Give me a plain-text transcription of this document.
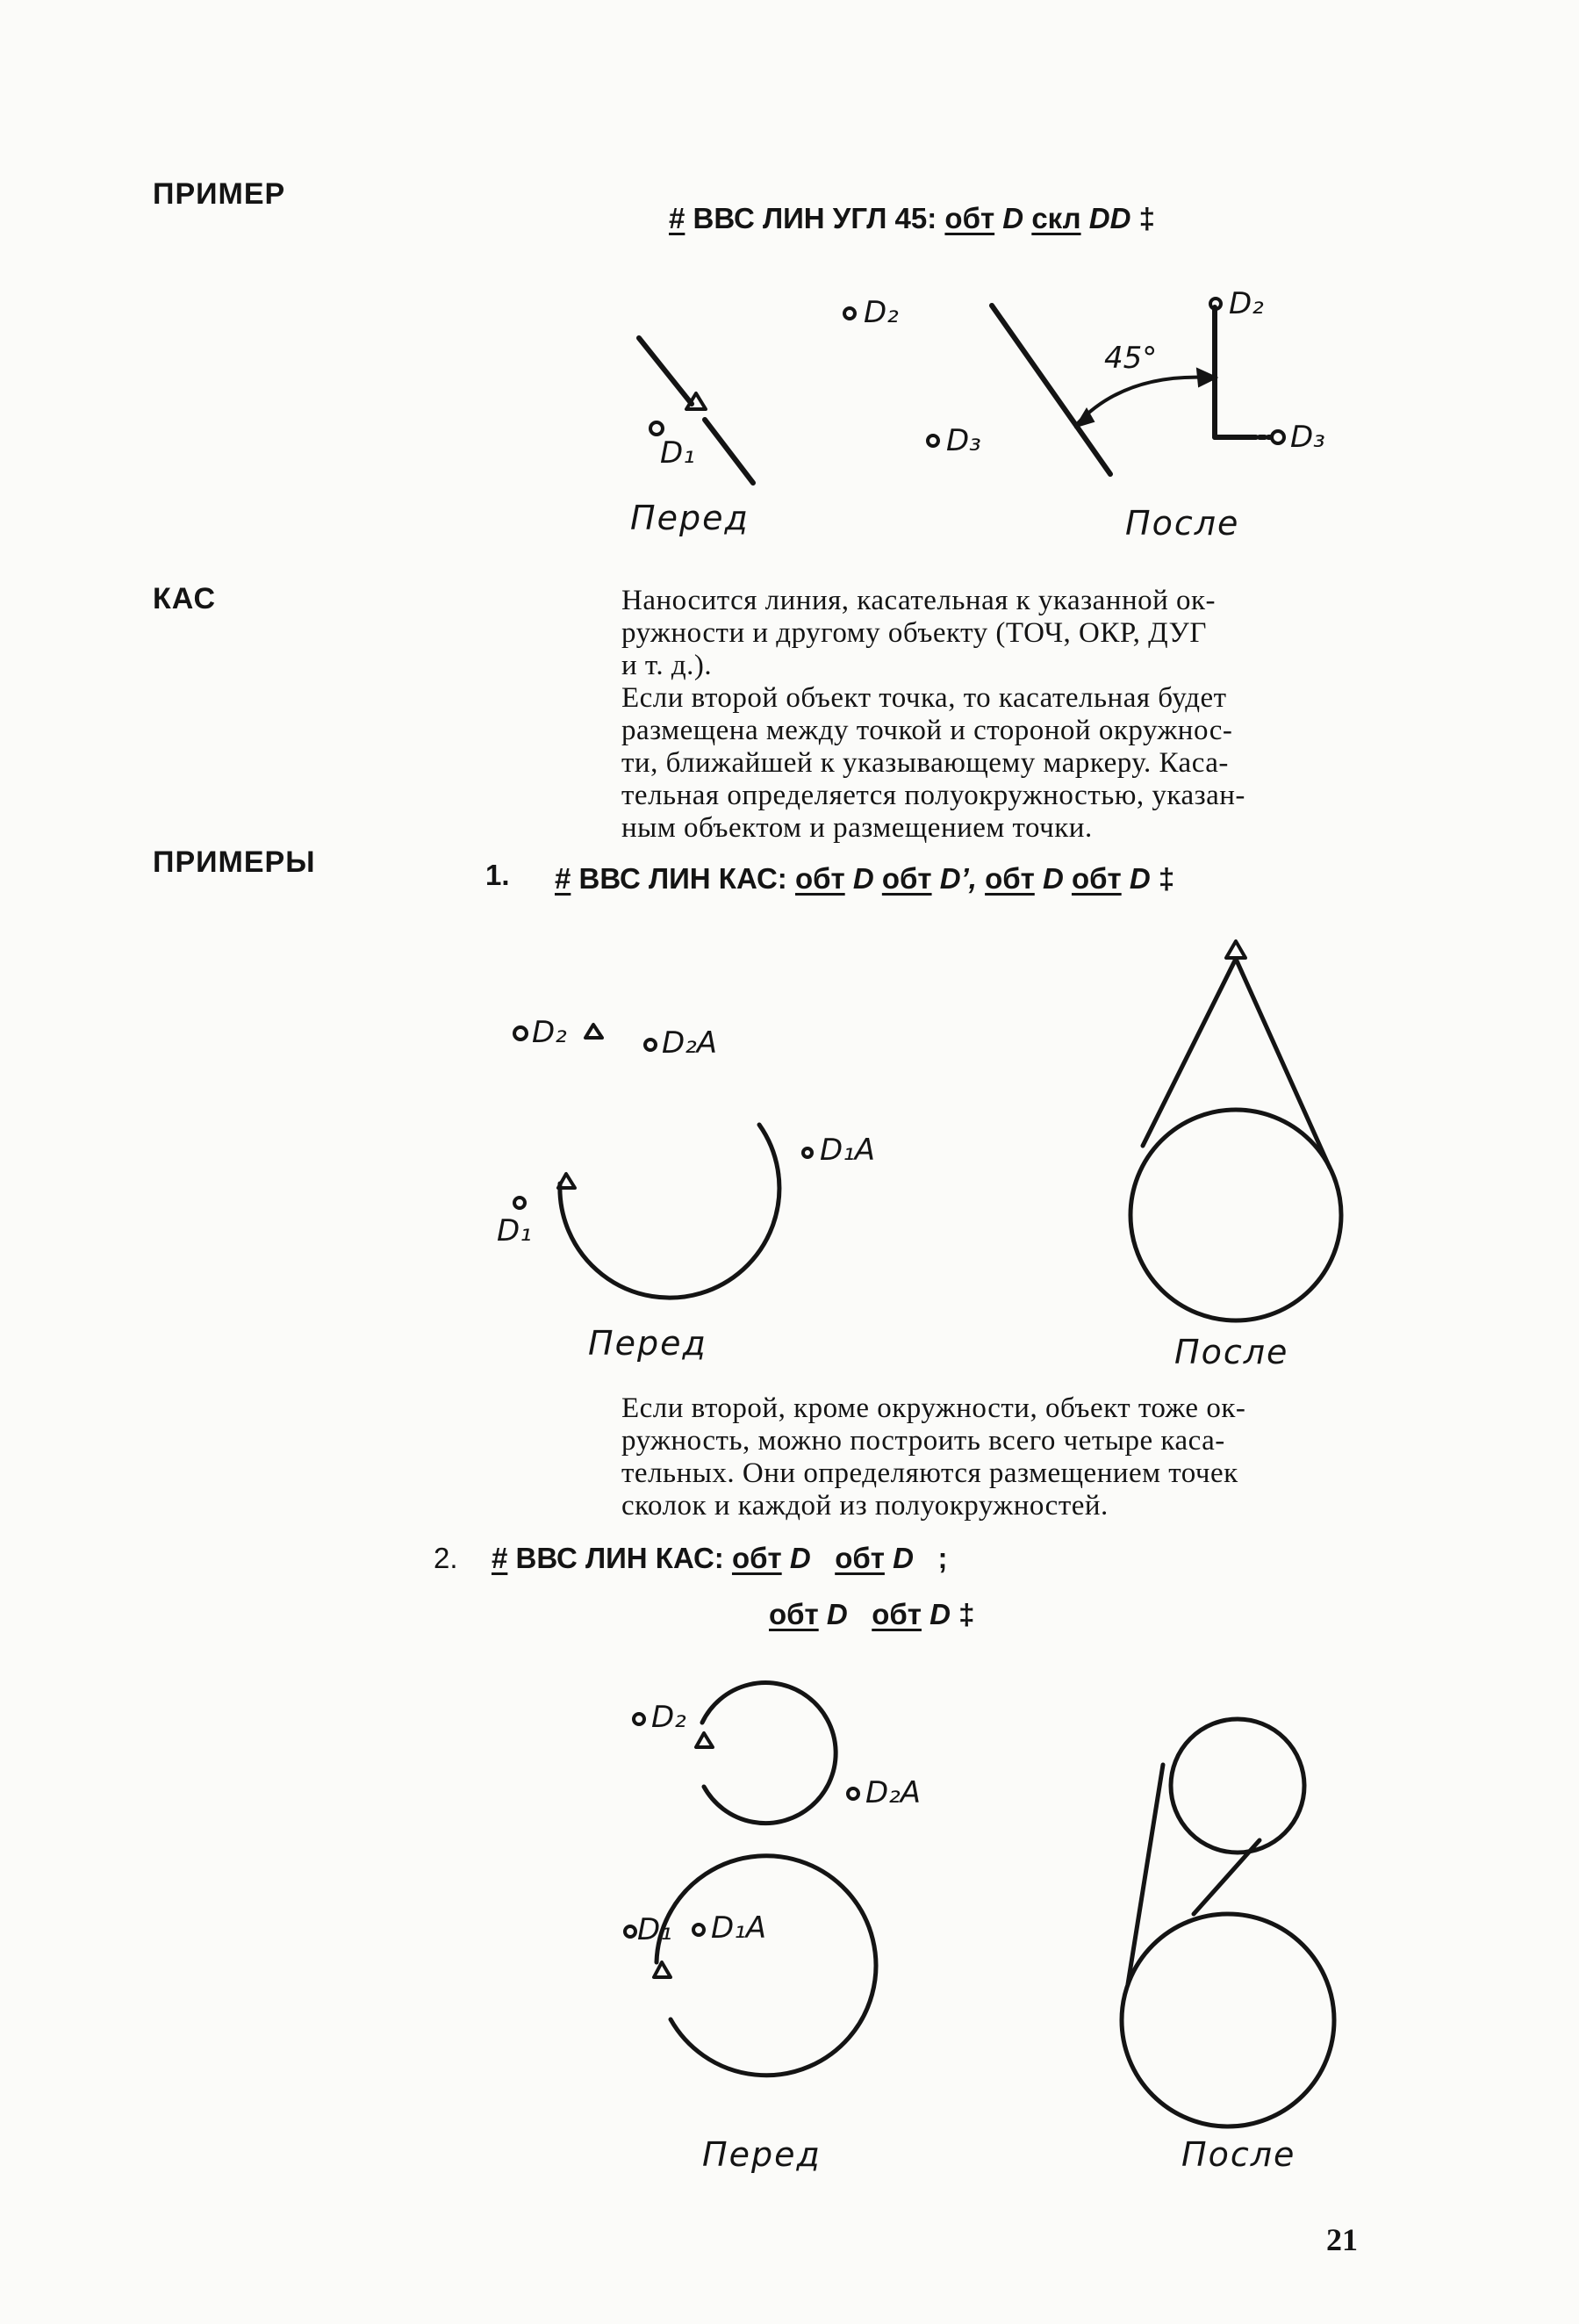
ПРИМЕР
КАС
ПРИМЕРЫ
# ВВС ЛИН УГЛ 45: обт D скл DD ‡
Наносится линия, касательная к указанной ок-
ружности и другому объекту (ТОЧ, ОКР, ДУГ
и т. д.).
Если второй объект точка, то касательная будет
размещена между точкой и стороной окружнос-
ти, ближайшей к указывающему маркеру. Каса-
тельная определяется полуокружностью, указан-
ным объектом и размещением точки.
1. # ВВС ЛИН КАС: обт D обт D’, обт D обт D ‡
Если второй, кроме окружности, объект тоже ок-
ружность, можно построить всего четыре каса-
тельных. Они определяются размещением точек
сколок и каждой из полуокружностей.
2. # ВВС ЛИН КАС: обт D обт D ;
обт D обт D ‡
D₁
D₂
D₃
45°
D₂
D₃
Перед	После
D₂	D₂A
D₁A
D₁
Перед	После
D₂
D₂A
D₁ D₁A
Перед	После
21
